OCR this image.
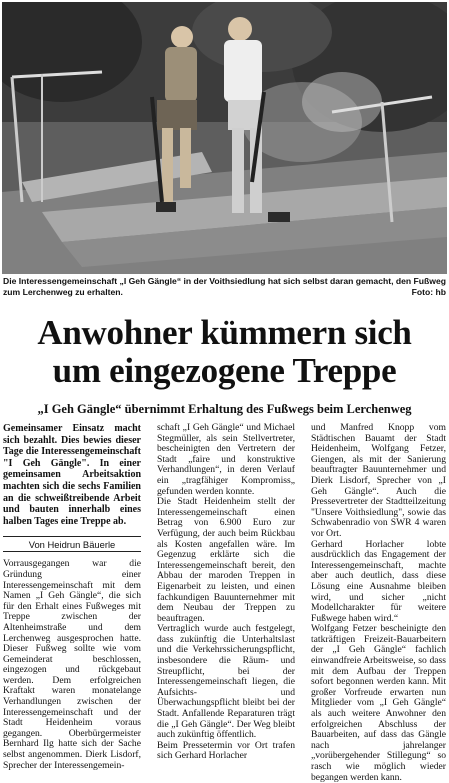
Die Interessengemeinschaft „I Geh Gängle“ in der Voithsiedlung hat sich selbst daran gemacht, den Fußweg zum Lerchenweg zu erhalten.	Foto: hb
Anwohner kümmern sich
um eingezogene Treppe
„I Geh Gängle“ übernimmt Erhaltung des Fußwegs beim Lerchenweg

Gemeinsamer Einsatz macht sich bezahlt. Dies bewies dieser Tage die Interessengemeinschaft "I Geh Gängle". In einer gemeinsamen Arbeitsaktion machten sich die sechs Familien an die schweißtreibende Arbeit und bauten innerhalb eines halben Tages eine Treppe ab.

Von Heidrun Bäuerle

Vorrausgegangen war die Gründung einer Interessengemeinschaft mit dem Namen „I Geh Gängle“, die sich für den Erhalt eines Fußweges mit Treppe zwischen der Altenheimstraße und dem Lerchenweg ausgesprochen hatte. Dieser Fußweg sollte wie vom Gemeinderat beschlossen, eingezogen und rückgebaut werden. Dem erfolgreichen Kraftakt waren monatelange Verhandlungen zwischen der Interessengemeinschaft und der Stadt Heidenheim voraus gegangen. Oberbürgermeister Bernhard Ilg hatte sich der Sache selbst angenommen. Dierk Lisdorf, Sprecher der Interessengemein-

schaft „I Geh Gängle“ und Michael Stegmüller, als sein Stellvertreter, bescheinigten den Vertretern der Stadt „faire und konstruktive Verhandlungen“, in deren Verlauf ein „tragfähiger Kompromiss„ gefunden werden konnte.

Die Stadt Heidenheim stellt der Interessengemeinschaft einen Betrag von 6.900 Euro zur Verfügung, der auch beim Rückbau als Kosten angefallen wäre. Im Gegenzug erklärte sich die Interessengemeinschaft bereit, den Abbau der maroden Treppen in Eigenarbeit zu leisten, und einen fachkundigen Bauunternehmer mit dem Neubau der Treppen zu beauftragen.

Vertraglich wurde auch festgelegt, dass zukünftig die Unterhaltslast und die Verkehrssicherungspflicht, insbesondere die Räum- und Streupflicht, bei der Interessengemeinschaft liegen, die Aufsichts- und Überwachungspflicht bleibt bei der Stadt. Anfallende Reparaturen trägt die „I Geh Gängle“. Der Weg bleibt auch zukünftig öffentlich.

Beim Pressetermin vor Ort trafen sich Gerhard Horlacher

und Manfred Knopp vom Städtischen Bauamt der Stadt Heidenheim, Wolfgang Fetzer, Giengen, als mit der Sanierung beauftragter Bauunternehmer und Dierk Lisdorf, Sprecher von „I Geh Gängle“. Auch die Pressevertreter der Stadtteilzeitung "Unsere Voithsiedlung", sowie das Schwabenradio von SWR 4 waren vor Ort.

Gerhard Horlacher lobte ausdrücklich das Engagement der Interessengemeinschaft, machte aber auch deutlich, dass diese Lösung eine Ausnahme bleiben wird, und sicher „nicht Modellcharakter für weitere Fußwege haben wird.“

Wolfgang Fetzer bescheinigte den tatkräftigen Freizeit-Bauarbeitern der „I Geh Gängle“ fachlich einwandfreie Arbeitsweise, so dass mit dem Aufbau der Treppen sofort begonnen werden kann. Mit großer Vorfreude erwarten nun Mitglieder vom „I Geh Gängle“ als auch weitere Anwohner den erfolgreichen Abschluss der Bauarbeiten, auf dass das Gängle nach jahrelanger „vorübergehender Stillegung“ so rasch wie möglich wieder begangen werden kann.
